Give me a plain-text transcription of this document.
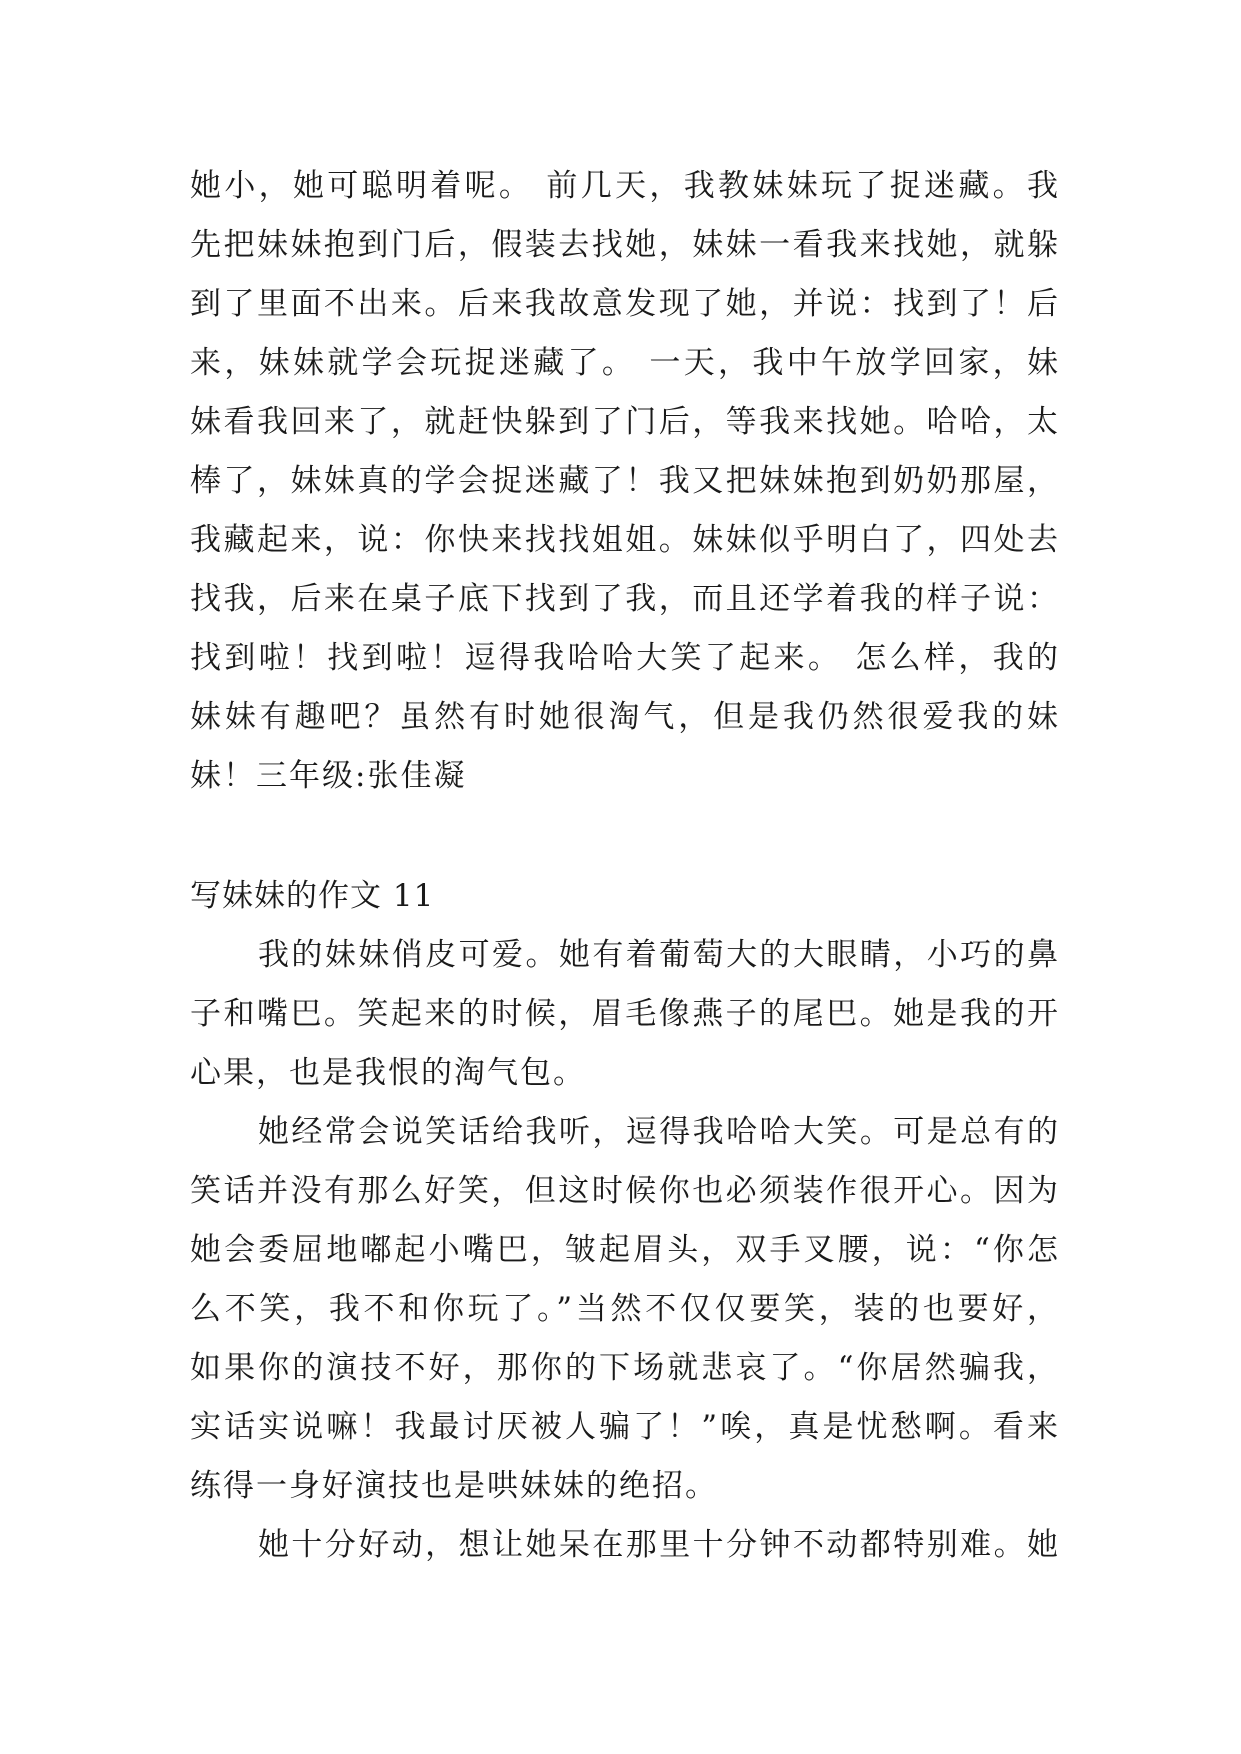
她小，她可聪明着呢。 前几天，我教妹妹玩了捉迷藏。我
先把妹妹抱到门后，假装去找她，妹妹一看我来找她，就躲
到了里面不出来。后来我故意发现了她，并说：找到了！后
来，妹妹就学会玩捉迷藏了。 一天，我中午放学回家，妹
妹看我回来了，就赶快躲到了门后，等我来找她。哈哈，太
棒了，妹妹真的学会捉迷藏了！我又把妹妹抱到奶奶那屋，
我藏起来，说：你快来找找姐姐。妹妹似乎明白了，四处去
找我，后来在桌子底下找到了我，而且还学着我的样子说：
找到啦！找到啦！逗得我哈哈大笑了起来。 怎么样，我的
妹妹有趣吧？虽然有时她很淘气，但是我仍然很爱我的妹
妹！三年级:张佳凝
写妹妹的作文 11
我的妹妹俏皮可爱。她有着葡萄大的大眼睛，小巧的鼻
子和嘴巴。笑起来的时候，眉毛像燕子的尾巴。她是我的开
心果，也是我恨的淘气包。
她经常会说笑话给我听，逗得我哈哈大笑。可是总有的
笑话并没有那么好笑，但这时候你也必须装作很开心。因为
她会委屈地嘟起小嘴巴，皱起眉头，双手叉腰，说：“你怎
么不笑，我不和你玩了。”当然不仅仅要笑，装的也要好，
如果你的演技不好，那你的下场就悲哀了。“你居然骗我，
实话实说嘛！我最讨厌被人骗了！”唉，真是忧愁啊。看来
练得一身好演技也是哄妹妹的绝招。
她十分好动，想让她呆在那里十分钟不动都特别难。她
